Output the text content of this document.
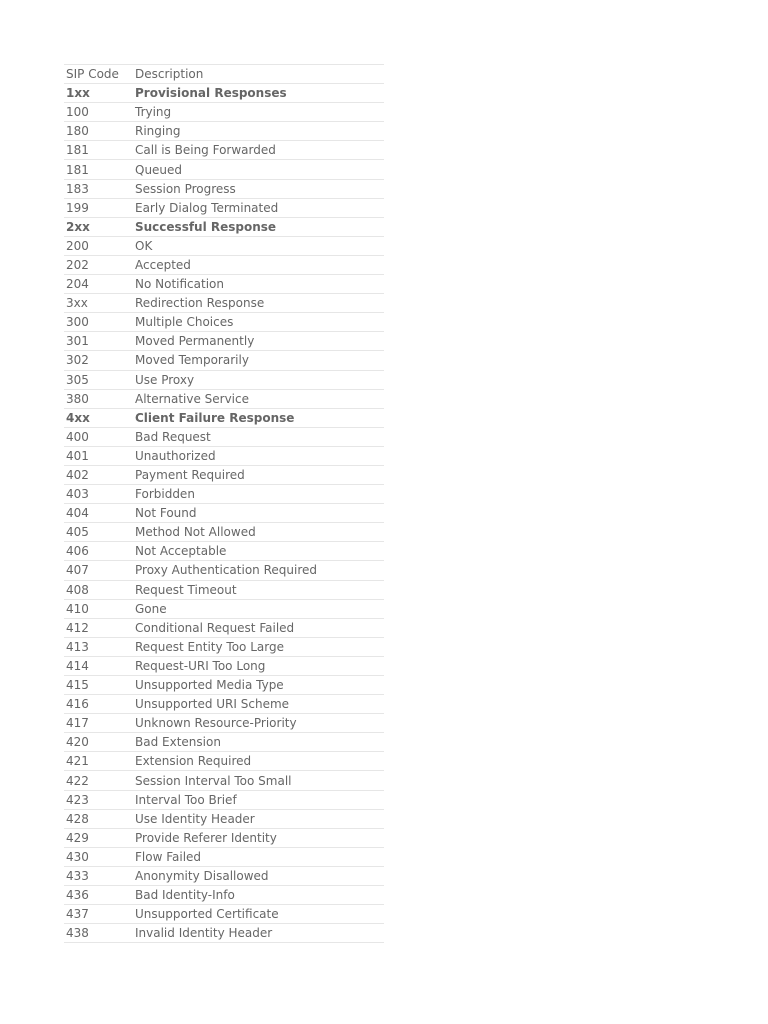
SIP Code	Description
1xx	Provisional Responses
100	Trying
180	Ringing
181	Call is Being Forwarded
181	Queued
183	Session Progress
199	Early Dialog Terminated
2xx	Successful Response
200	OK
202	Accepted
204	No Notification
3xx	Redirection Response
300	Multiple Choices
301	Moved Permanently
302	Moved Temporarily
305	Use Proxy
380	Alternative Service
4xx	Client Failure Response
400	Bad Request
401	Unauthorized
402	Payment Required
403	Forbidden
404	Not Found
405	Method Not Allowed
406	Not Acceptable
407	Proxy Authentication Required
408	Request Timeout
410	Gone
412	Conditional Request Failed
413	Request Entity Too Large
414	Request-URI Too Long
415	Unsupported Media Type
416	Unsupported URI Scheme
417	Unknown Resource-Priority
420	Bad Extension
421	Extension Required
422	Session Interval Too Small
423	Interval Too Brief
428	Use Identity Header
429	Provide Referer Identity
430	Flow Failed
433	Anonymity Disallowed
436	Bad Identity-Info
437	Unsupported Certificate
438	Invalid Identity Header
